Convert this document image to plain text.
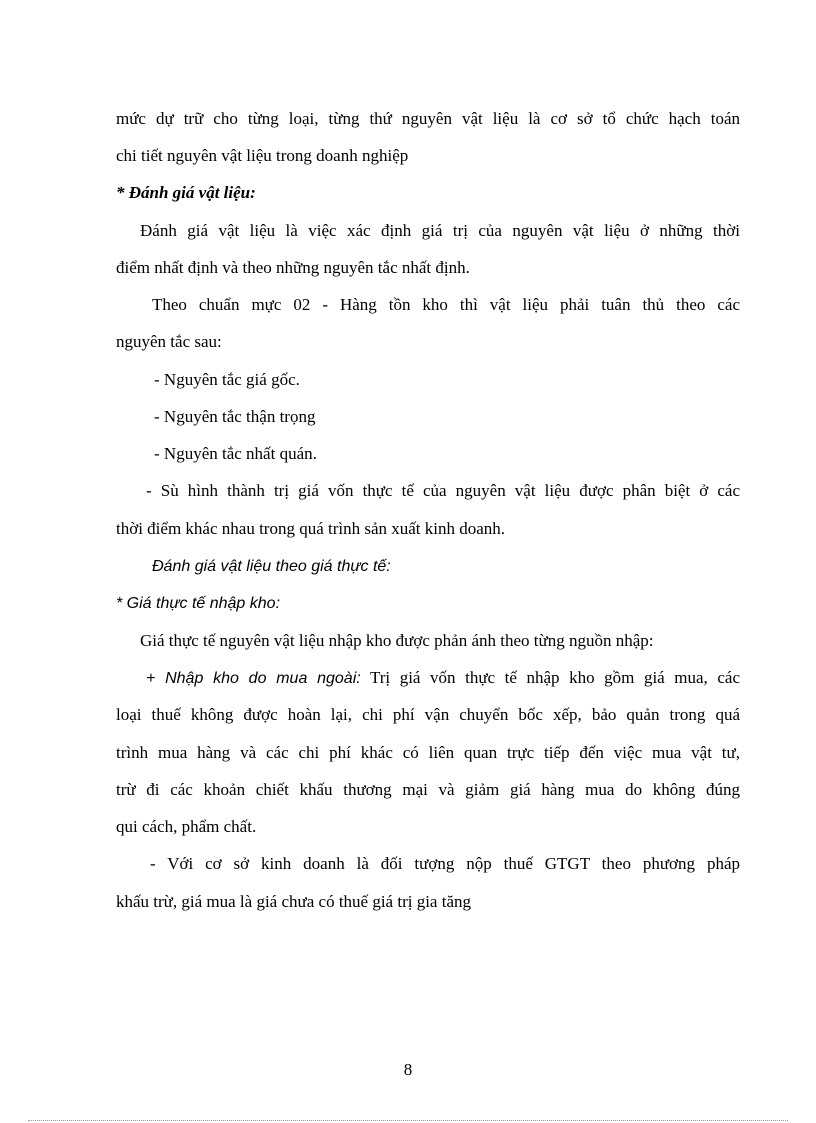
mức dự trữ cho từng loại, từng thứ nguyên vật liệu là cơ sở tổ chức hạch toán
chi tiết nguyên vật liệu trong doanh nghiệp
* Đánh giá vật liệu:
Đánh giá vật liệu là việc xác định giá trị của nguyên vật liệu ở những thời
điểm nhất định và theo những nguyên tắc nhất định.
Theo chuẩn mực 02 - Hàng tồn kho thì vật liệu phải tuân thủ theo các
nguyên tắc sau:
- Nguyên tắc giá gốc.
- Nguyên tắc thận trọng
- Nguyên tắc nhất quán.
- Sù hình thành trị giá vốn thực tế của nguyên vật liệu được phân biệt ở các
thời điểm khác nhau trong quá trình sản xuất kinh doanh.
Đánh giá vật liệu theo giá thực tế:
* Giá thực tế nhập kho:
Giá thực tế nguyên vật liệu nhập kho được phản ánh theo từng nguồn nhập:
+ Nhập kho do mua ngoài: Trị giá vốn thực tế nhập kho gồm giá mua, các
loại thuế không được hoàn lại, chi phí vận chuyển bốc xếp, bảo quản trong quá
trình mua hàng và các chi phí khác có liên quan trực tiếp đến việc mua vật tư,
trừ đi các khoản chiết khấu thương mại và giảm giá hàng mua do không đúng
qui cách, phẩm chất.
- Với cơ sở kinh doanh là đối tượng nộp thuế GTGT theo phương pháp
khấu trừ, giá mua là giá chưa có thuế giá trị gia tăng
8
